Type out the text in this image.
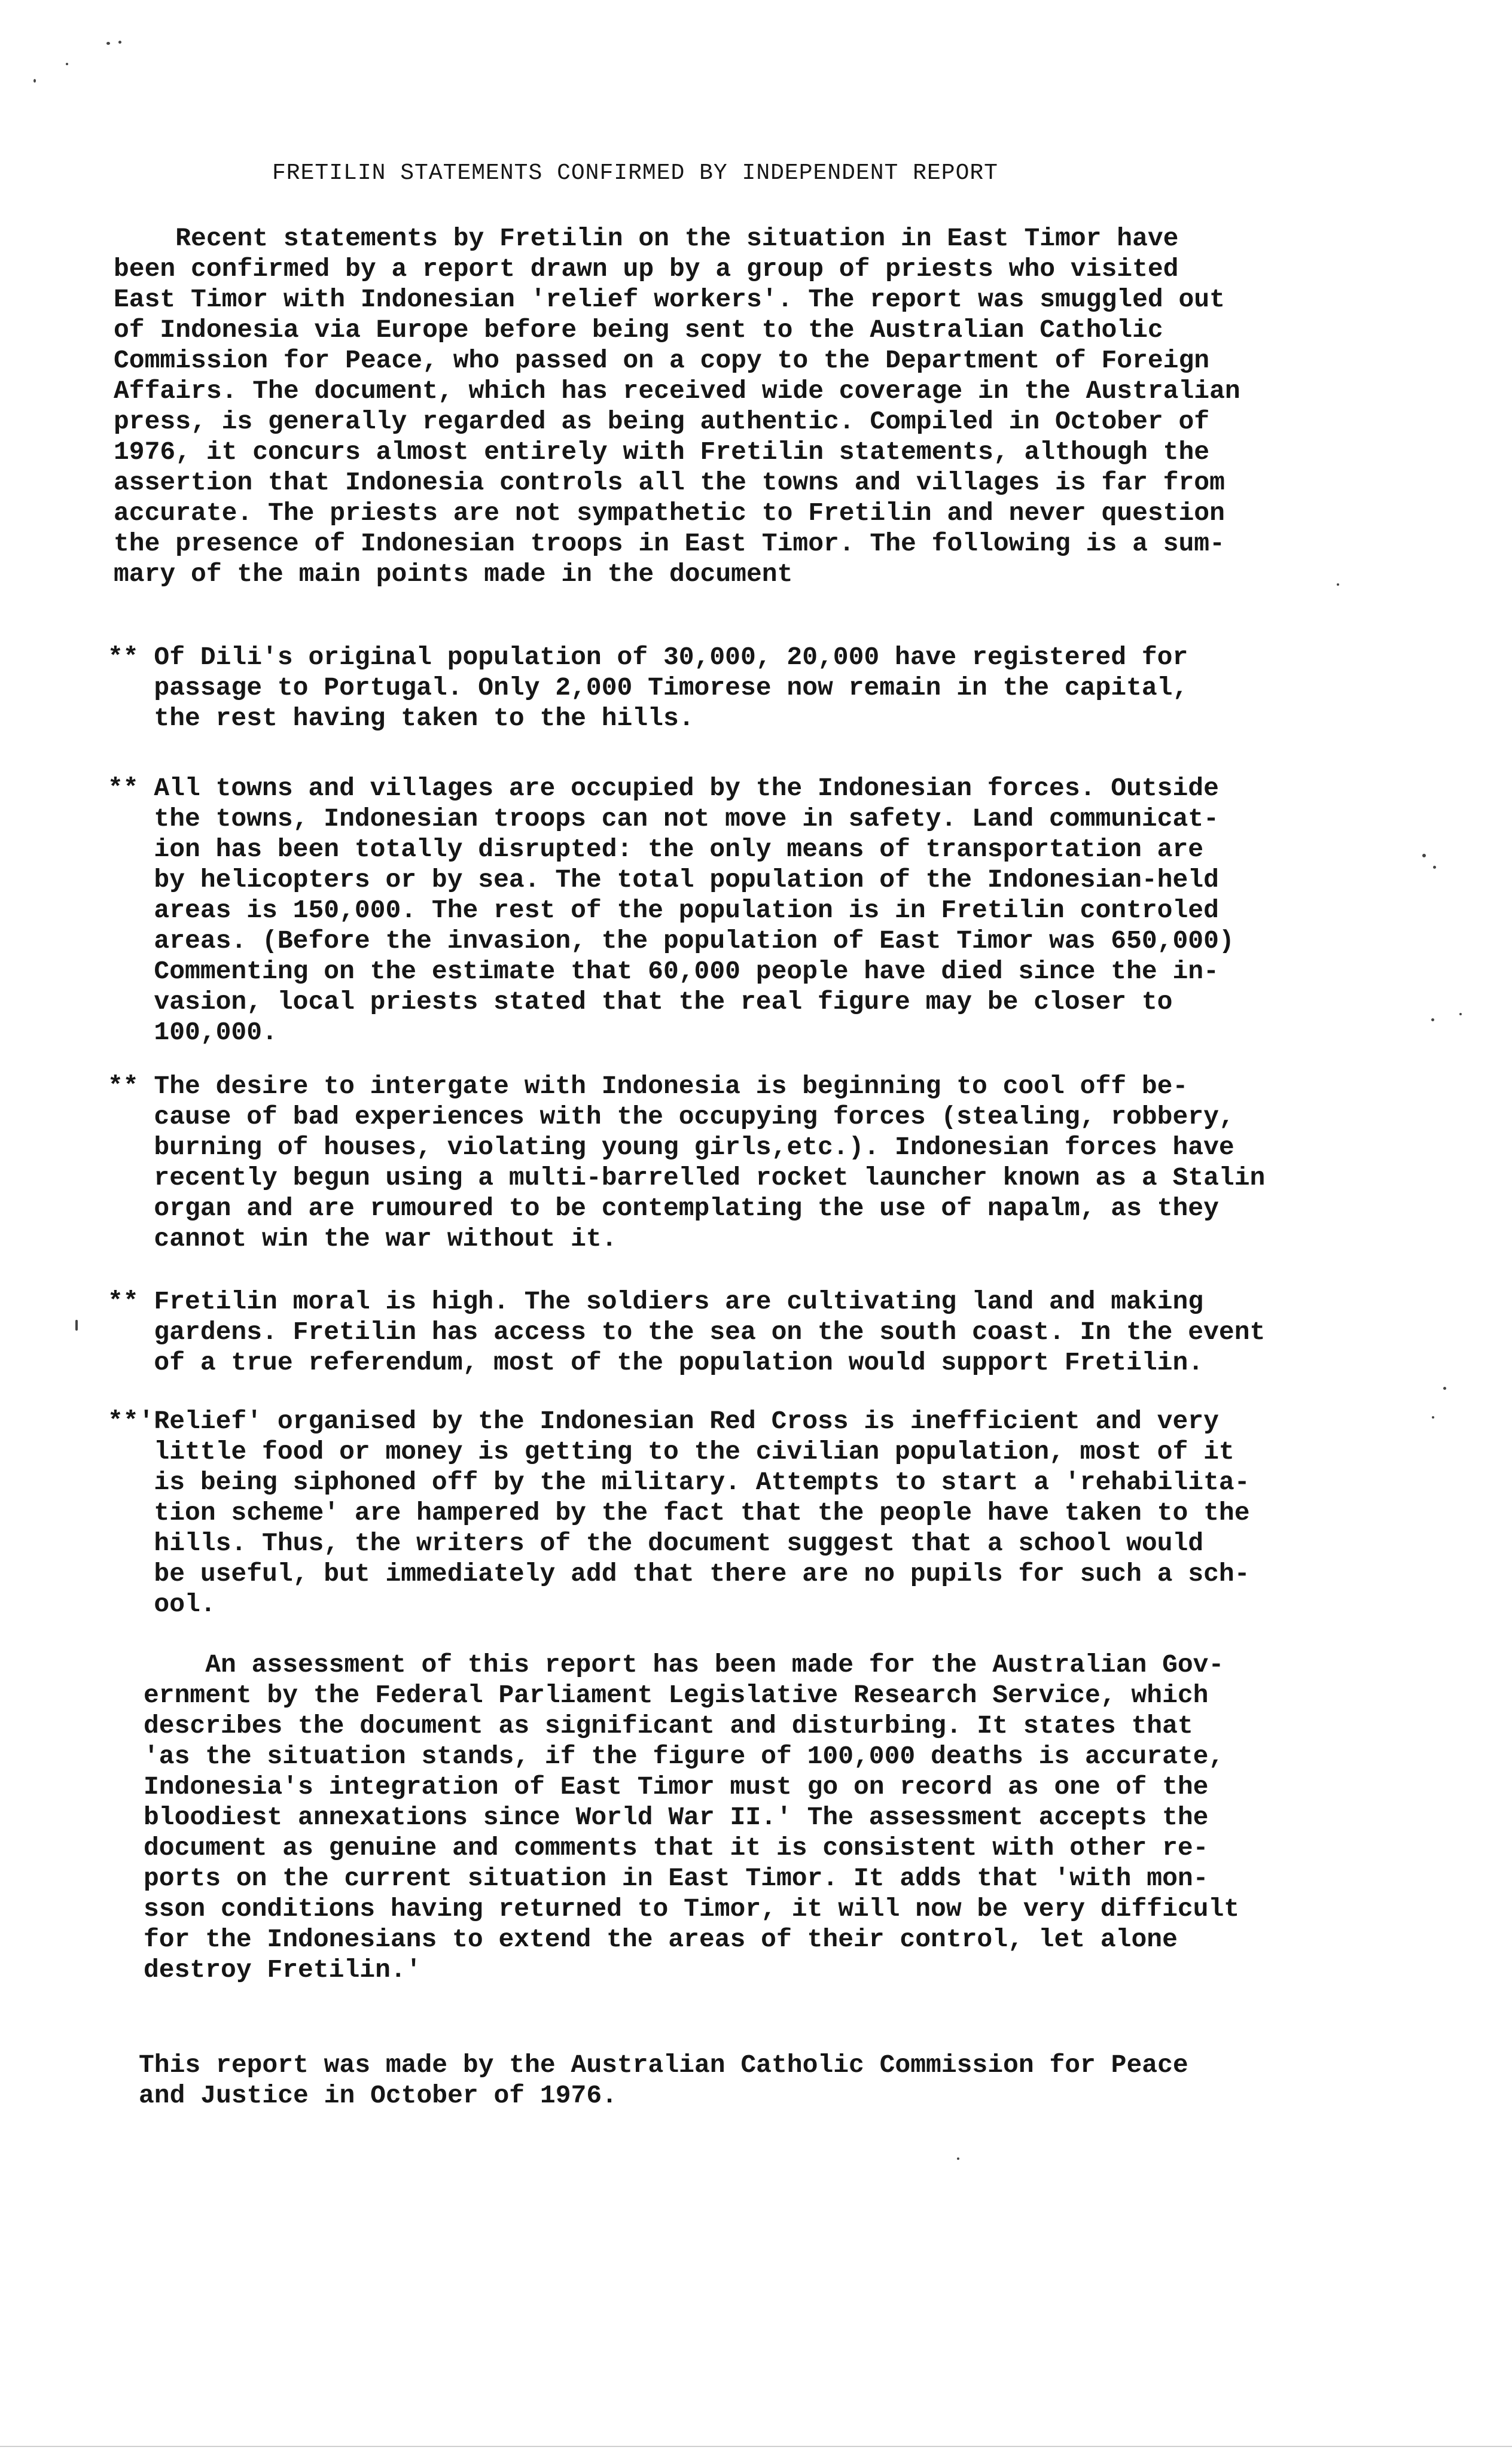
FRETILIN STATEMENTS CONFIRMED BY INDEPENDENT REPORT
Recent statements by Fretilin on the situation in East Timor have
been confirmed by a report drawn up by a group of priests who visited
East Timor with Indonesian 'relief workers'. The report was smuggled out
of Indonesia via Europe before being sent to the Australian Catholic
Commission for Peace, who passed on a copy to the Department of Foreign
Affairs. The document, which has received wide coverage in the Australian
press, is generally regarded as being authentic. Compiled in October of
1976, it concurs almost entirely with Fretilin statements, although the
assertion that Indonesia controls all the towns and villages is far from
accurate. The priests are not sympathetic to Fretilin and never question
the presence of Indonesian troops in East Timor. The following is a sum-
mary of the main points made in the document
** Of Dili's original population of 30,000, 20,000 have registered for
passage to Portugal. Only 2,000 Timorese now remain in the capital,
the rest having taken to the hills.
** All towns and villages are occupied by the Indonesian forces. Outside
the towns, Indonesian troops can not move in safety. Land communicat-
ion has been totally disrupted: the only means of transportation are
by helicopters or by sea. The total population of the Indonesian-held
areas is 150,000. The rest of the population is in Fretilin controled
areas. (Before the invasion, the population of East Timor was 650,000)
Commenting on the estimate that 60,000 people have died since the in-
vasion, local priests stated that the real figure may be closer to
100,000.
** The desire to intergate with Indonesia is beginning to cool off be-
cause of bad experiences with the occupying forces (stealing, robbery,
burning of houses, violating young girls,etc.). Indonesian forces have
recently begun using a multi-barrelled rocket launcher known as a Stalin
organ and are rumoured to be contemplating the use of napalm, as they
cannot win the war without it.
** Fretilin moral is high. The soldiers are cultivating land and making
gardens. Fretilin has access to the sea on the south coast. In the event
of a true referendum, most of the population would support Fretilin.
**'Relief' organised by the Indonesian Red Cross is inefficient and very
little food or money is getting to the civilian population, most of it
is being siphoned off by the military. Attempts to start a 'rehabilita-
tion scheme' are hampered by the fact that the people have taken to the
hills. Thus, the writers of the document suggest that a school would
be useful, but immediately add that there are no pupils for such a sch-
ool.
An assessment of this report has been made for the Australian Gov-
ernment by the Federal Parliament Legislative Research Service, which
describes the document as significant and disturbing. It states that
'as the situation stands, if the figure of 100,000 deaths is accurate,
Indonesia's integration of East Timor must go on record as one of the
bloodiest annexations since World War II.' The assessment accepts the
document as genuine and comments that it is consistent with other re-
ports on the current situation in East Timor. It adds that 'with mon-
sson conditions having returned to Timor, it will now be very difficult
for the Indonesians to extend the areas of their control, let alone
destroy Fretilin.'
This report was made by the Australian Catholic Commission for Peace
and Justice in October of 1976.
